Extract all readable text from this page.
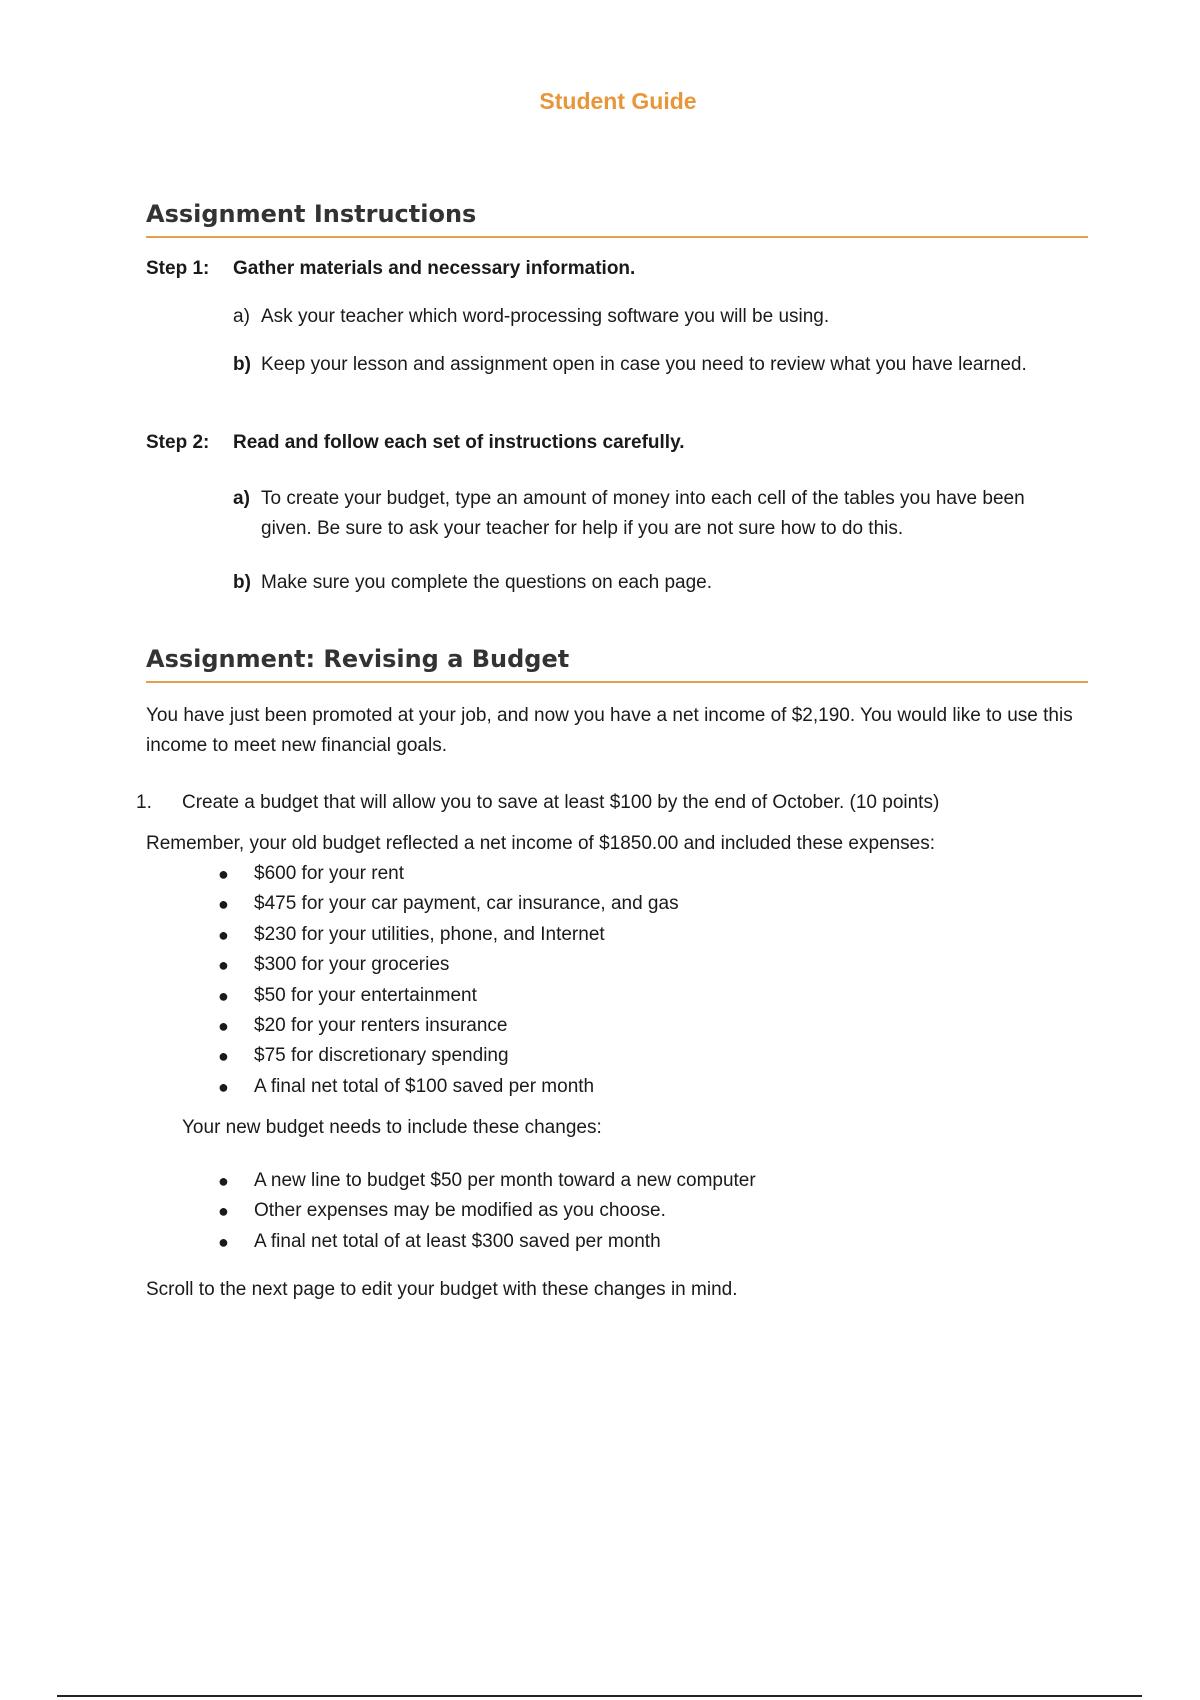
Student Guide
Assignment Instructions
Step 1: Gather materials and necessary information.
a) Ask your teacher which word-processing software you will be using.
b) Keep your lesson and assignment open in case you need to review what you have learned.
Step 2: Read and follow each set of instructions carefully.
a) To create your budget, type an amount of money into each cell of the tables you have been given. Be sure to ask your teacher for help if you are not sure how to do this.
b) Make sure you complete the questions on each page.
Assignment: Revising a Budget
You have just been promoted at your job, and now you have a net income of $2,190. You would like to use this income to meet new financial goals.
1.	Create a budget that will allow you to save at least $100 by the end of October. (10 points)
Remember, your old budget reflected a net income of $1850.00 and included these expenses:
●	$600 for your rent
●	$475 for your car payment, car insurance, and gas
●	$230 for your utilities, phone, and Internet
●	$300 for your groceries
●	$50 for your entertainment
●	$20 for your renters insurance
●	$75 for discretionary spending
●	A final net total of $100 saved per month
Your new budget needs to include these changes:
●	A new line to budget $50 per month toward a new computer
●	Other expenses may be modified as you choose.
●	A final net total of at least $300 saved per month
Scroll to the next page to edit your budget with these changes in mind.
